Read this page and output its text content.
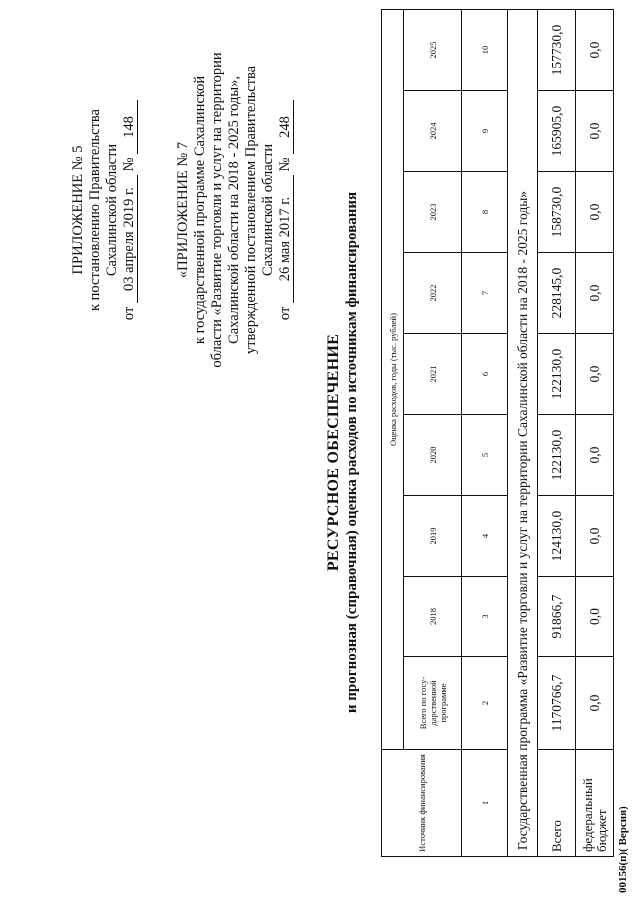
ПРИЛОЖЕНИЕ № 5 к постановлению Правительства Сахалинской области
от 03 апреля 2019 г. № 148
«ПРИЛОЖЕНИЕ № 7 к государственной программе Сахалинской области «Развитие торговли и услуг на территории Сахалинской области на 2018 - 2025 годы», утвержденной постановлением Правительства Сахалинской области
от 26 мая 2017 г. № 248
РЕСУРСНОЕ ОБЕСПЕЧЕНИЕ и прогнозная (справочная) оценка расходов по источникам финансирования
Источник финансирования	Оценка расходов, годы (тыс. рублей)								
	Всего по госу-дарственной программе	2018	2019	2020	2021	2022	2023	2024	2025
1	2	3	4	5	6	7	8	9	10
Государственная программа «Развитие торговли и услуг на территории Сахалинской области на 2018 - 2025 годы»									
Всего	1170766,7	91866,7	124130,0	122130,0	122130,0	228145,0	158730,0	165905,0	157730,0
федеральный бюджет	0,0	0,0	0,0	0,0	0,0	0,0	0,0	0,0	0,0
00156(п)( Версия)
